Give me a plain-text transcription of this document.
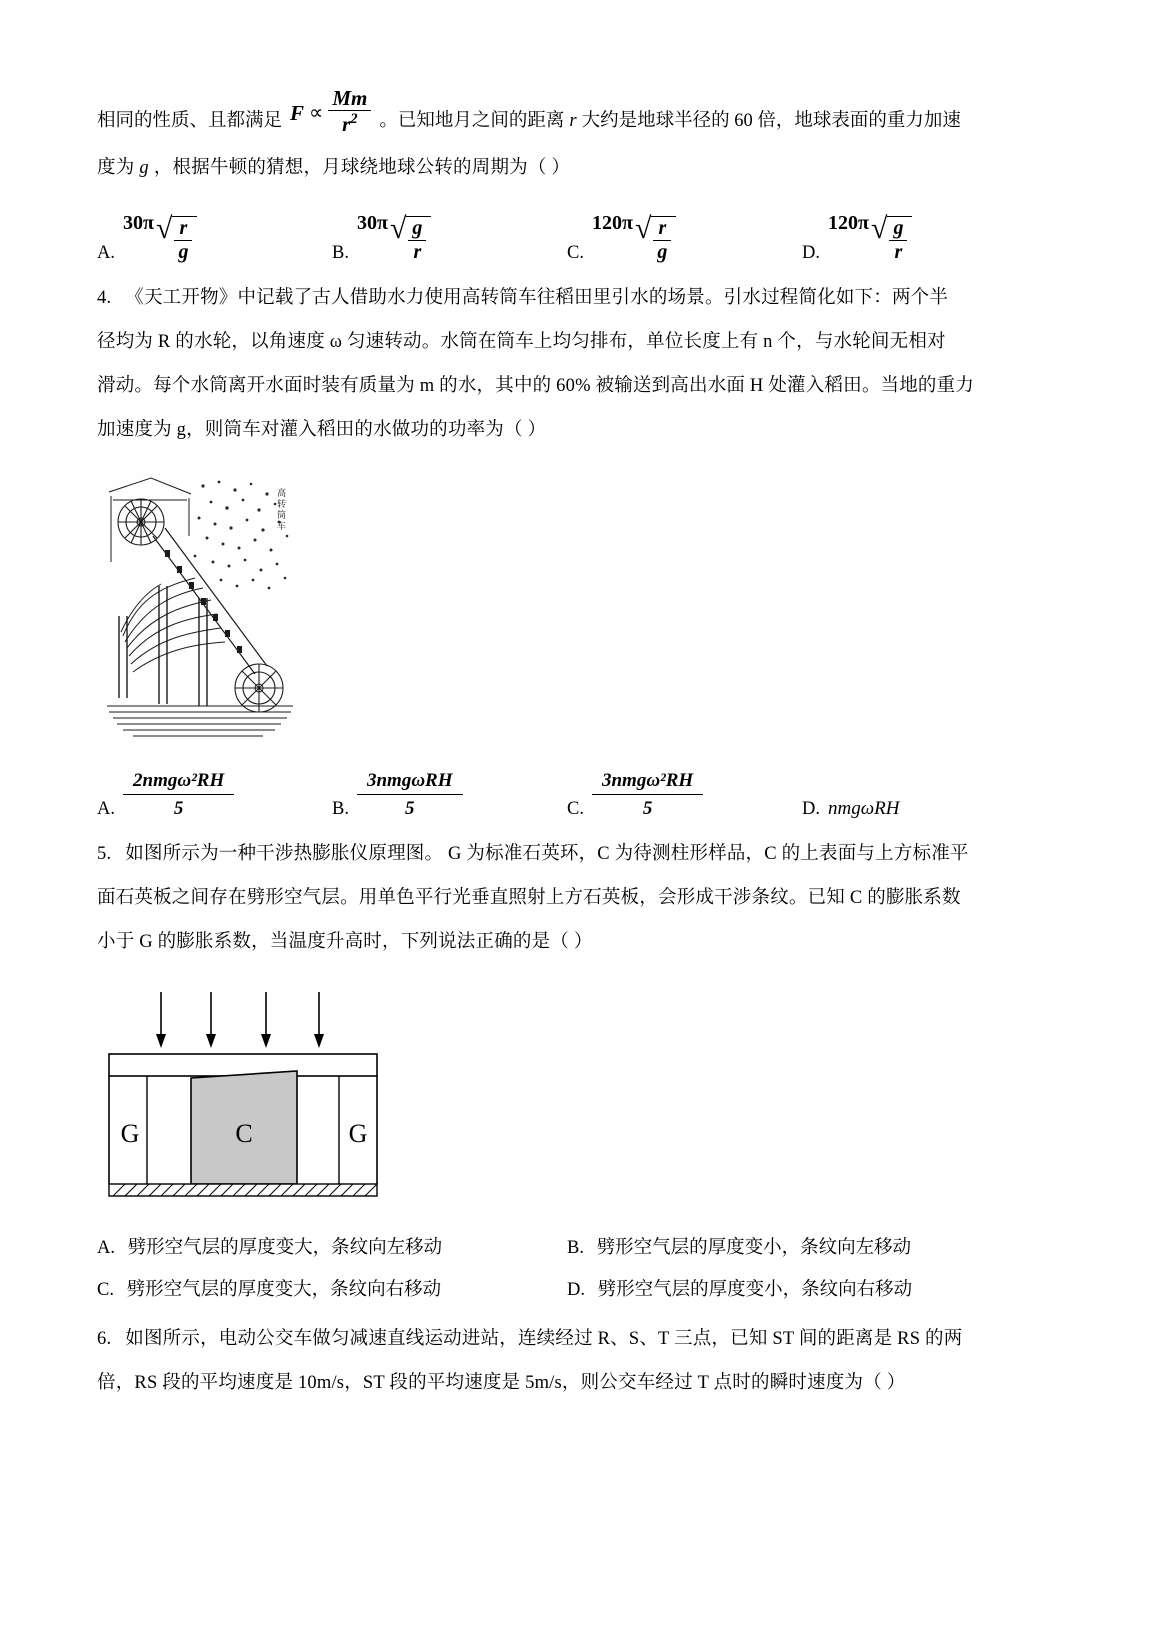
相同的性质、且都满足 $F \propto \frac{Mm}{r^2}$ 。已知地月之间的距离 r 大约是地球半径的 60 倍，地球表面的重力加速
度为 g ，根据牛顿的猜想，月球绕地球公转的周期为（ ）
A.
30π √ $\frac{r}{g}$	B.
30π √ $\frac{g}{r}$	C.
120π √ $\frac{r}{g}$	D.
120π √ $\frac{g}{r}$
4. 《天工开物》中记载了古人借助水力使用高转筒车往稻田里引水的场景。引水过程简化如下：两个半
径均为 R 的水轮，以角速度 ω 匀速转动。水筒在筒车上均匀排布，单位长度上有 n 个，与水轮间无相对
滑动。每个水筒离开水面时装有质量为 m 的水，其中的 60% 被输送到高出水面 H 处灌入稻田。当地的重力
加速度为 g，则筒车对灌入稻田的水做功的功率为（ ）
高转筒车
A. $\frac{\text{2nmgω²RH}}{5}$	B. $\frac{\text{3nmgωRH}}{5}$	C. $\frac{\text{3nmgω²RH}}{5}$	D. nmgωRH
5. 如图所示为一种干涉热膨胀仪原理图。 G 为标准石英环，C 为待测柱形样品，C 的上表面与上方标准平
面石英板之间存在劈形空气层。用单色平行光垂直照射上方石英板，会形成干涉条纹。已知 C 的膨胀系数
小于 G 的膨胀系数，当温度升高时，下列说法正确的是（ ）
G	C	G
A. 劈形空气层的厚度变大，条纹向左移动	B. 劈形空气层的厚度变小，条纹向左移动
C. 劈形空气层的厚度变大，条纹向右移动	D. 劈形空气层的厚度变小，条纹向右移动
6. 如图所示，电动公交车做匀减速直线运动进站，连续经过 R、S、T 三点，已知 ST 间的距离是 RS 的两
倍，RS 段的平均速度是 10m/s，ST 段的平均速度是 5m/s，则公交车经过 T 点时的瞬时速度为（ ）
